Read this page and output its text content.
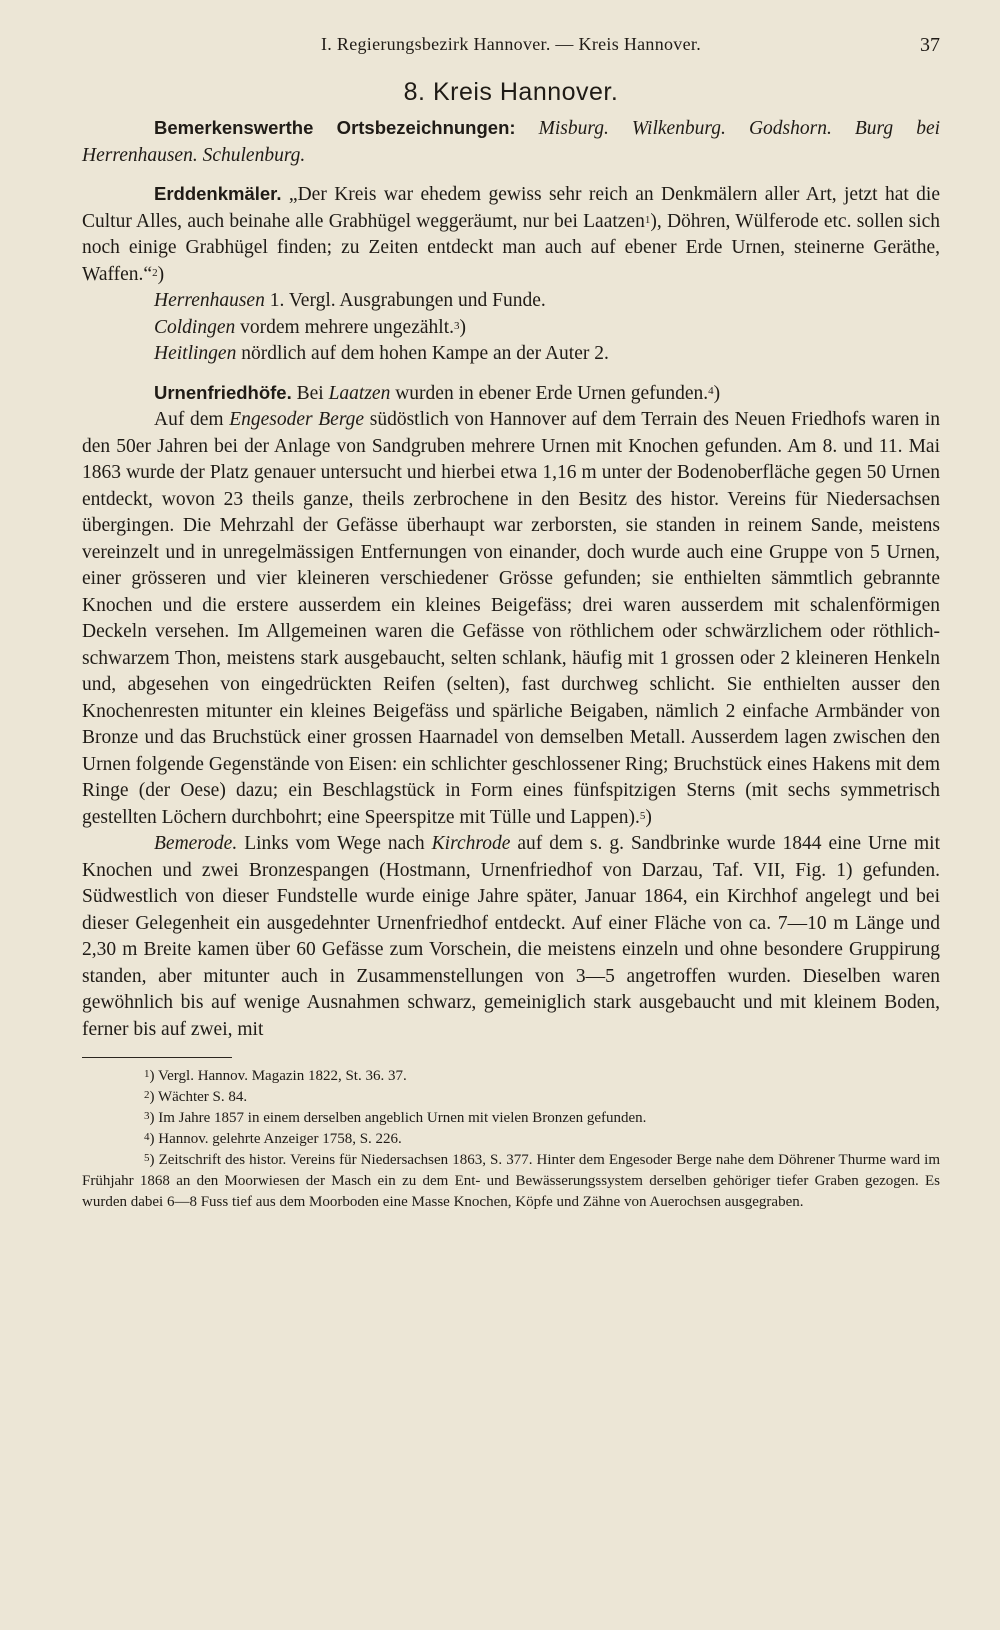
I. Regierungsbezirk Hannover. — Kreis Hannover.	37
8. Kreis Hannover.

Bemerkenswerthe Ortsbezeichnungen: Misburg. Wilkenburg. Godshorn. Burg bei Herrenhausen. Schulenburg.

Erddenkmäler. „Der Kreis war ehedem gewiss sehr reich an Denkmälern aller Art, jetzt hat die Cultur Alles, auch beinahe alle Grabhügel weggeräumt, nur bei Laatzen$^1$), Döhren, Wülferode etc. sollen sich noch einige Grabhügel finden; zu Zeiten entdeckt man auch auf ebener Erde Urnen, steinerne Geräthe, Waffen.“$^2$)

Herrenhausen 1. Vergl. Ausgrabungen und Funde.

Coldingen vordem mehrere ungezählt.$^3$)

Heitlingen nördlich auf dem hohen Kampe an der Auter 2.

Urnenfriedhöfe. Bei Laatzen wurden in ebener Erde Urnen gefunden.$^4$)

Auf dem Engesoder Berge südöstlich von Hannover auf dem Terrain des Neuen Friedhofs waren in den 50er Jahren bei der Anlage von Sandgruben mehrere Urnen mit Knochen gefunden. Am 8. und 11. Mai 1863 wurde der Platz genauer untersucht und hierbei etwa 1,16 m unter der Bodenoberfläche gegen 50 Urnen entdeckt, wovon 23 theils ganze, theils zerbrochene in den Besitz des histor. Vereins für Niedersachsen übergingen. Die Mehrzahl der Gefässe überhaupt war zerborsten, sie standen in reinem Sande, meistens vereinzelt und in unregelmässigen Entfernungen von einander, doch wurde auch eine Gruppe von 5 Urnen, einer grösseren und vier kleineren verschiedener Grösse gefunden; sie enthielten sämmtlich gebrannte Knochen und die erstere ausserdem ein kleines Beigefäss; drei waren ausserdem mit schalenförmigen Deckeln versehen. Im Allgemeinen waren die Gefässe von röthlichem oder schwärzlichem oder röthlich-schwarzem Thon, meistens stark ausgebaucht, selten schlank, häufig mit 1 grossen oder 2 kleineren Henkeln und, abgesehen von eingedrückten Reifen (selten), fast durchweg schlicht. Sie enthielten ausser den Knochenresten mitunter ein kleines Beigefäss und spärliche Beigaben, nämlich 2 einfache Armbänder von Bronze und das Bruchstück einer grossen Haarnadel von demselben Metall. Ausserdem lagen zwischen den Urnen folgende Gegenstände von Eisen: ein schlichter geschlossener Ring; Bruchstück eines Hakens mit dem Ringe (der Oese) dazu; ein Beschlagstück in Form eines fünfspitzigen Sterns (mit sechs symmetrisch gestellten Löchern durchbohrt; eine Speerspitze mit Tülle und Lappen).$^5$)

Bemerode. Links vom Wege nach Kirchrode auf dem s. g. Sandbrinke wurde 1844 eine Urne mit Knochen und zwei Bronzespangen (Hostmann, Urnenfriedhof von Darzau, Taf. VII, Fig. 1) gefunden. Südwestlich von dieser Fundstelle wurde einige Jahre später, Januar 1864, ein Kirchhof angelegt und bei dieser Gelegenheit ein ausgedehnter Urnenfriedhof entdeckt. Auf einer Fläche von ca. 7—10 m Länge und 2,30 m Breite kamen über 60 Gefässe zum Vorschein, die meistens einzeln und ohne besondere Gruppirung standen, aber mitunter auch in Zusammenstellungen von 3—5 angetroffen wurden. Dieselben waren gewöhnlich bis auf wenige Ausnahmen schwarz, gemeiniglich stark ausgebaucht und mit kleinem Boden, ferner bis auf zwei, mit

$^1$) Vergl. Hannov. Magazin 1822, St. 36. 37.

$^2$) Wächter S. 84.

$^3$) Im Jahre 1857 in einem derselben angeblich Urnen mit vielen Bronzen gefunden.

$^4$) Hannov. gelehrte Anzeiger 1758, S. 226.

$^5$) Zeitschrift des histor. Vereins für Niedersachsen 1863, S. 377. Hinter dem Engesoder Berge nahe dem Döhrener Thurme ward im Frühjahr 1868 an den Moorwiesen der Masch ein zu dem Ent- und Bewässerungssystem derselben gehöriger tiefer Graben gezogen. Es wurden dabei 6—8 Fuss tief aus dem Moorboden eine Masse Knochen, Köpfe und Zähne von Auerochsen ausgegraben.
